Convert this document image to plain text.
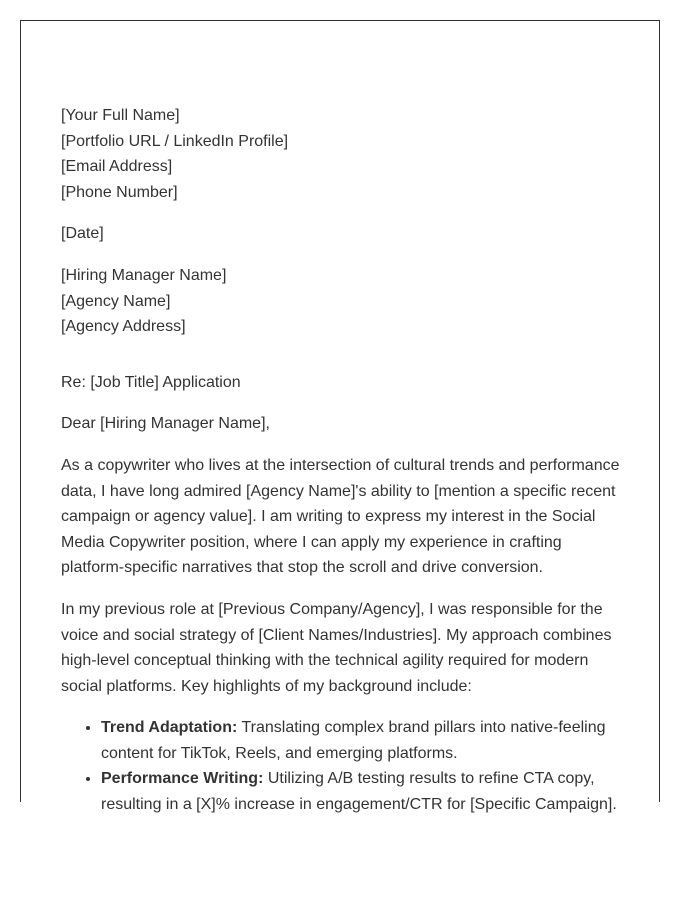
[Your Full Name]
[Portfolio URL / LinkedIn Profile]
[Email Address]
[Phone Number]
[Date]
[Hiring Manager Name]
[Agency Name]
[Agency Address]

Re: [Job Title] Application

Dear [Hiring Manager Name],

As a copywriter who lives at the intersection of cultural trends and performance data, I have long admired [Agency Name]'s ability to [mention a specific recent campaign or agency value]. I am writing to express my interest in the Social Media Copywriter position, where I can apply my experience in crafting platform-specific narratives that stop the scroll and drive conversion.

In my previous role at [Previous Company/Agency], I was responsible for the voice and social strategy of [Client Names/Industries]. My approach combines high-level conceptual thinking with the technical agility required for modern social platforms. Key highlights of my background include:

• Trend Adaptation: Translating complex brand pillars into native-feeling content for TikTok, Reels, and emerging platforms.
• Performance Writing: Utilizing A/B testing results to refine CTA copy, resulting in a [X]% increase in engagement/CTR for [Specific Campaign].
